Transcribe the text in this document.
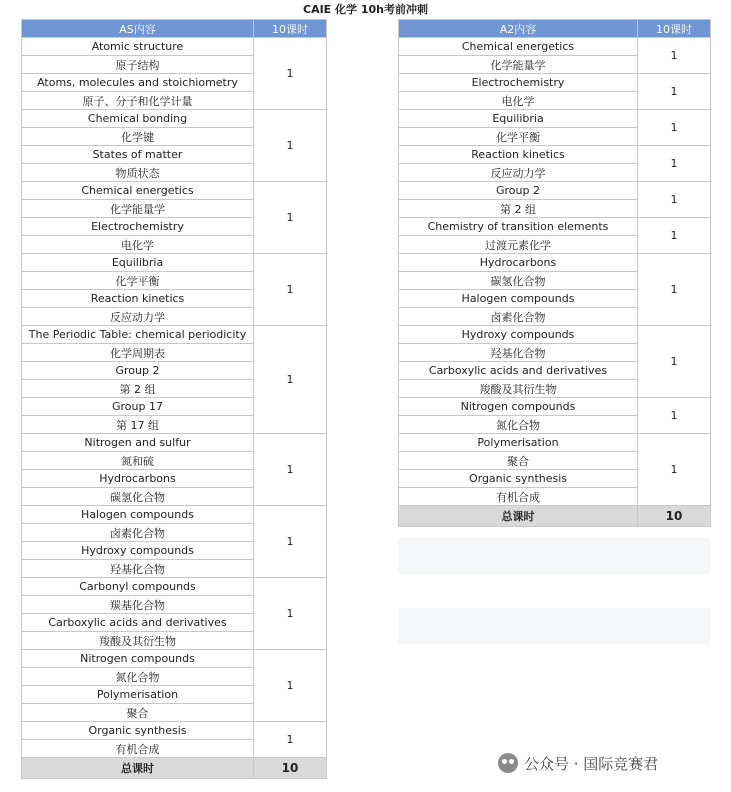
CAIE 化学 10h考前冲刺
AS内容	10课时
Atomic structure	1
原子结构	
Atoms, molecules and stoichiometry	
原子、分子和化学计量	
Chemical bonding	1
化学键	
States of matter	
物质状态	
Chemical energetics	1
化学能量学	
Electrochemistry	
电化学	
Equilibria	1
化学平衡	
Reaction kinetics	
反应动力学	
The Periodic Table: chemical periodicity	1
化学周期表	
Group 2	
第 2 组	
Group 17	
第 17 组	
Nitrogen and sulfur	1
氮和硫	
Hydrocarbons	
碳氢化合物	
Halogen compounds	1
卤素化合物	
Hydroxy compounds	
羟基化合物	
Carbonyl compounds	1
羰基化合物	
Carboxylic acids and derivatives	
羧酸及其衍生物	
Nitrogen compounds	1
氮化合物	
Polymerisation	
聚合	
Organic synthesis	1
有机合成	
总课时	10
A2内容	10课时
Chemical energetics	1
化学能量学	
Electrochemistry	1
电化学	
Equilibria	1
化学平衡	
Reaction kinetics	1
反应动力学	
Group 2	1
第 2 组	
Chemistry of transition elements	1
过渡元素化学	
Hydrocarbons	1
碳氢化合物	
Halogen compounds	
卤素化合物	
Hydroxy compounds	1
羟基化合物	
Carboxylic acids and derivatives	
羧酸及其衍生物	
Nitrogen compounds	1
氮化合物	
Polymerisation	1
聚合	
Organic synthesis	
有机合成	
总课时	10
公众号 · 国际竞赛君
